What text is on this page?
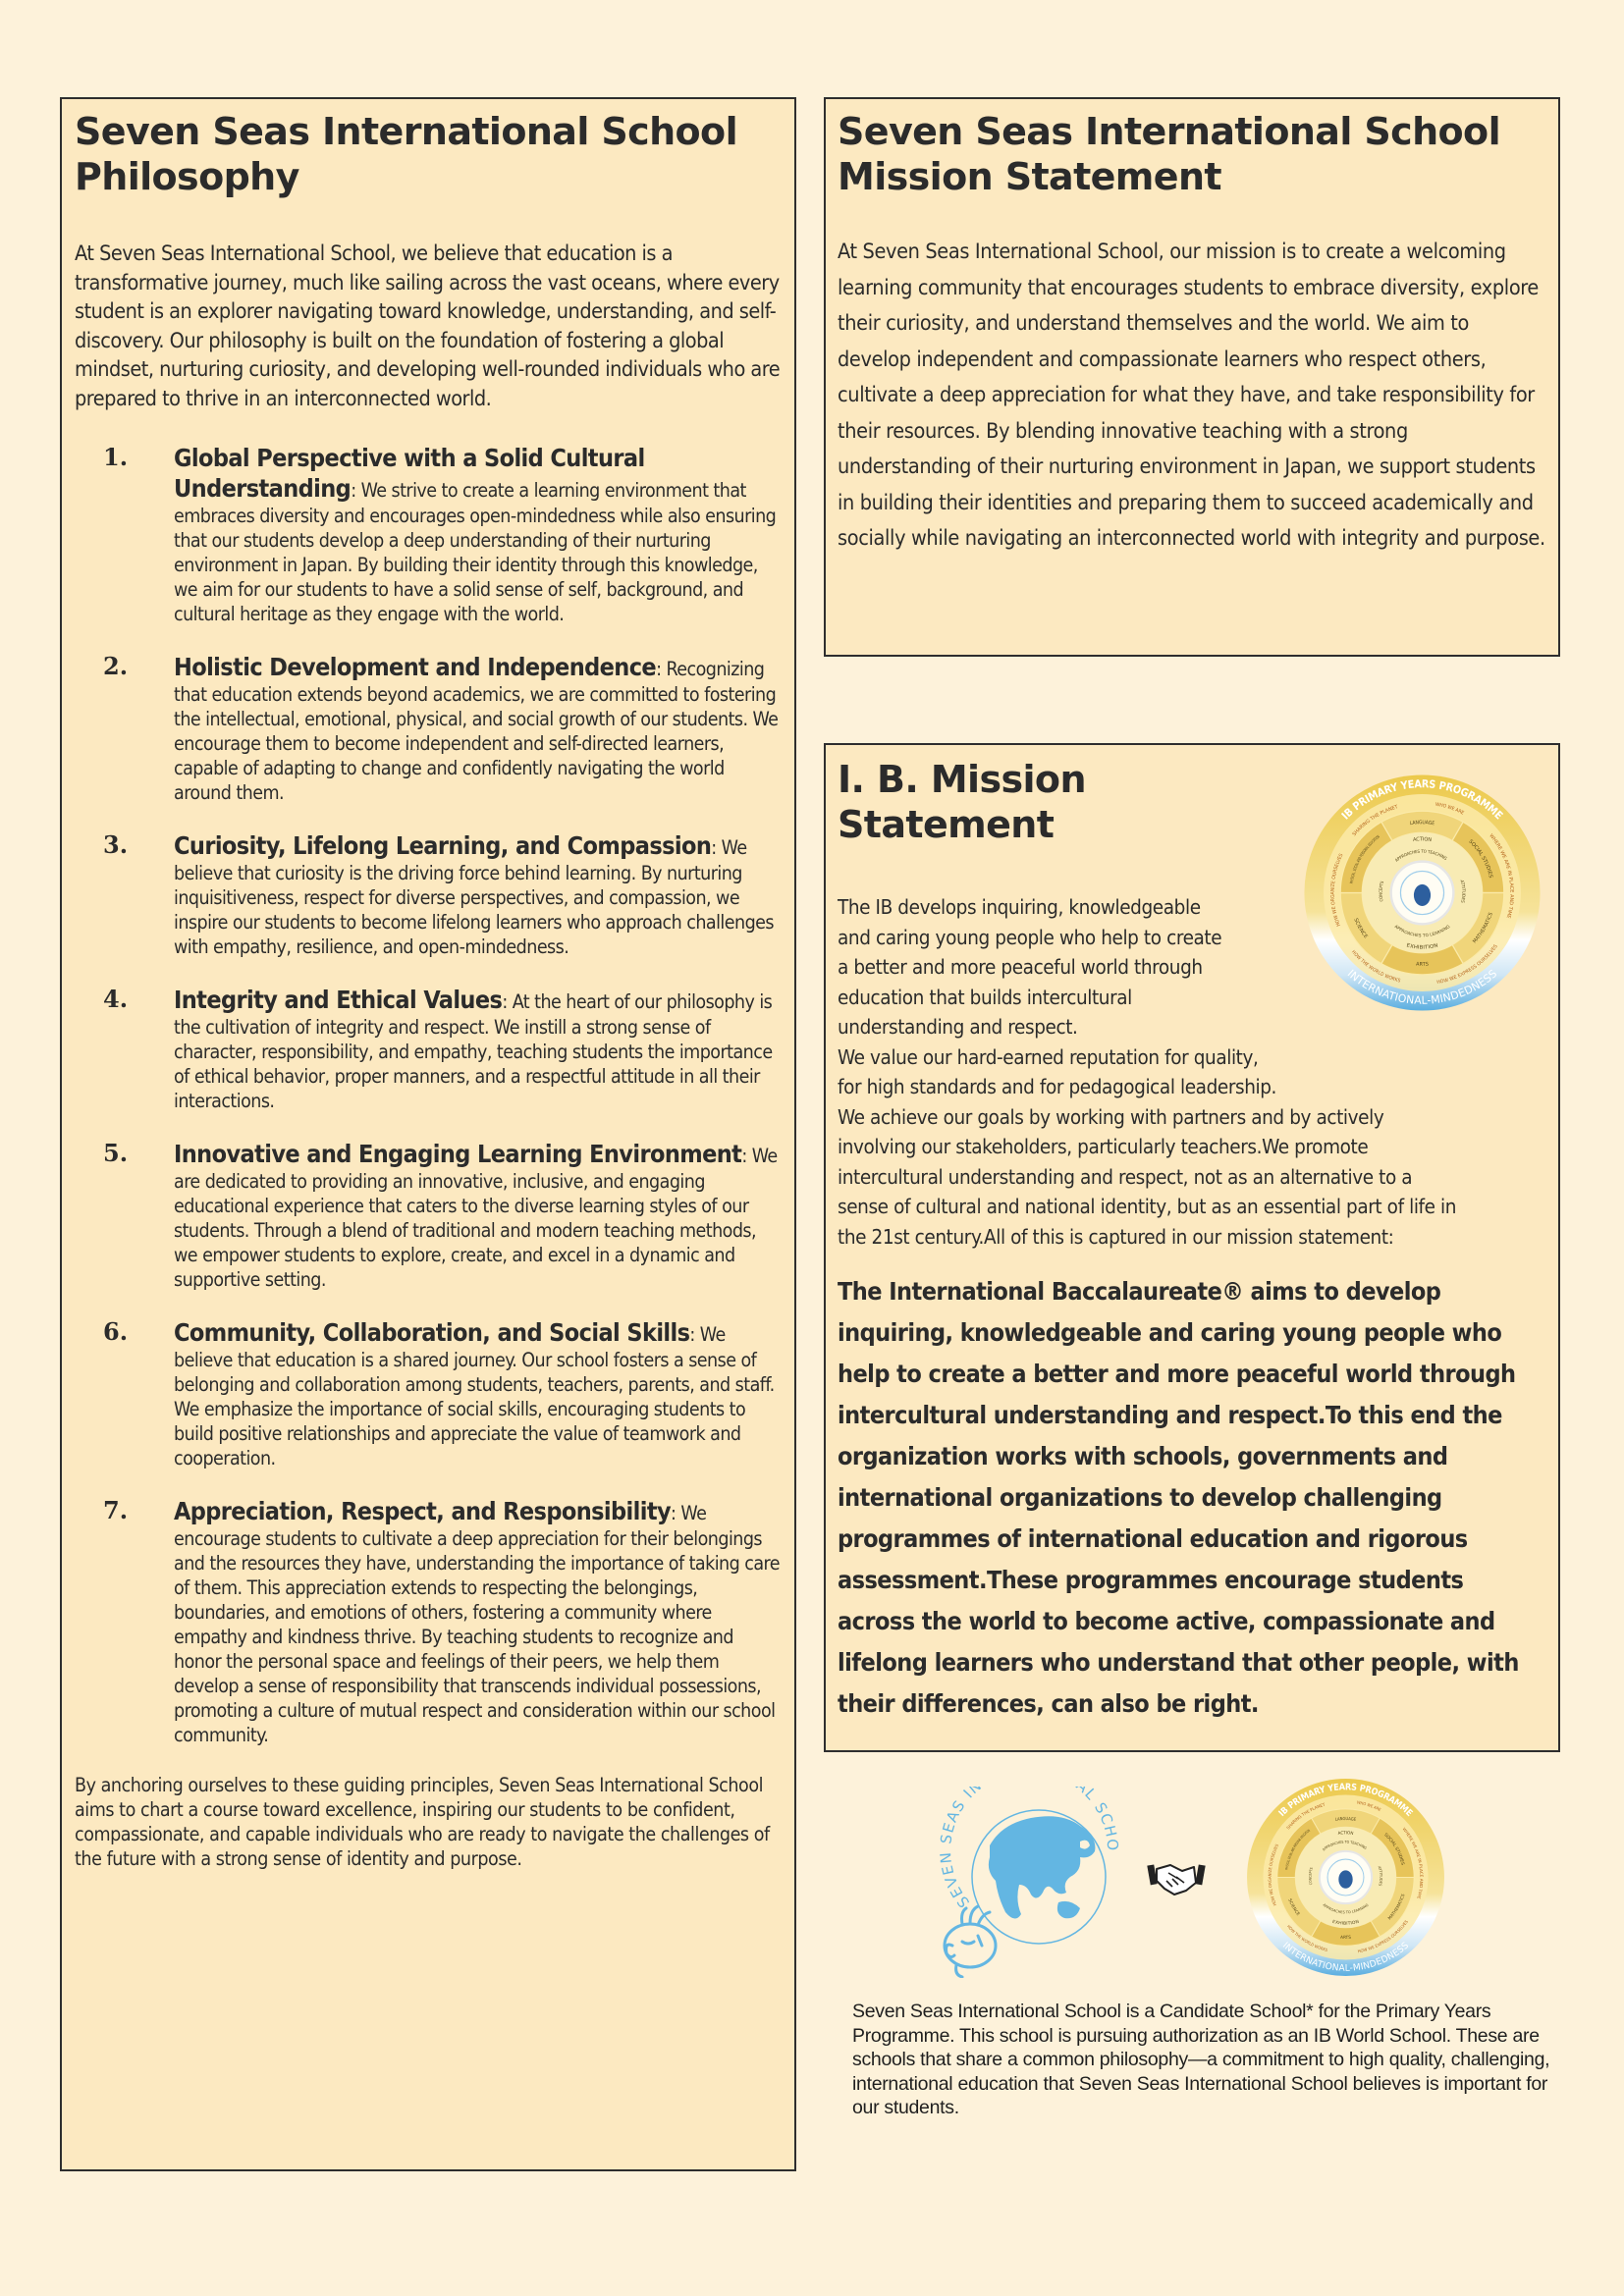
Seven Seas International School Philosophy

At Seven Seas International School, we believe that education is a transformative journey, much like sailing across the vast oceans, where every student is an explorer navigating toward knowledge, understanding, and self-discovery. Our philosophy is built on the foundation of fostering a global mindset, nurturing curiosity, and developing well-rounded individuals who are prepared to thrive in an interconnected world.

1.	Global Perspective with a Solid Cultural Understanding: We strive to create a learning environment that embraces diversity and encourages open-mindedness while also ensuring that our students develop a deep understanding of their nurturing environment in Japan. By building their identity through this knowledge, we aim for our students to have a solid sense of self, background, and cultural heritage as they engage with the world.

2.	Holistic Development and Independence: Recognizing that education extends beyond academics, we are committed to fostering the intellectual, emotional, physical, and social growth of our students. We encourage them to become independent and self-directed learners, capable of adapting to change and confidently navigating the world around them.

3.	Curiosity, Lifelong Learning, and Compassion: We believe that curiosity is the driving force behind learning. By nurturing inquisitiveness, respect for diverse perspectives, and compassion, we inspire our students to become lifelong learners who approach challenges with empathy, resilience, and open-mindedness.

4.	Integrity and Ethical Values: At the heart of our philosophy is the cultivation of integrity and respect. We instill a strong sense of character, responsibility, and empathy, teaching students the importance of ethical behavior, proper manners, and a respectful attitude in all their interactions.

5.	Innovative and Engaging Learning Environment: We are dedicated to providing an innovative, inclusive, and engaging educational experience that caters to the diverse learning styles of our students. Through a blend of traditional and modern teaching methods, we empower students to explore, create, and excel in a dynamic and supportive setting.

6.	Community, Collaboration, and Social Skills: We believe that education is a shared journey. Our school fosters a sense of belonging and collaboration among students, teachers, parents, and staff. We emphasize the importance of social skills, encouraging students to build positive relationships and appreciate the value of teamwork and cooperation.

7.	Appreciation, Respect, and Responsibility: We encourage students to cultivate a deep appreciation for their belongings and the resources they have, understanding the importance of taking care of them. This appreciation extends to respecting the belongings, boundaries, and emotions of others, fostering a community where empathy and kindness thrive. By teaching students to recognize and honor the personal space and feelings of their peers, we help them develop a sense of responsibility that transcends individual possessions, promoting a culture of mutual respect and consideration within our school community.

By anchoring ourselves to these guiding principles, Seven Seas International School aims to chart a course toward excellence, inspiring our students to be confident, compassionate, and capable individuals who are ready to navigate the challenges of the future with a strong sense of identity and purpose.

Seven Seas International School Mission Statement

At Seven Seas International School, our mission is to create a welcoming learning community that encourages students to embrace diversity, explore their curiosity, and understand themselves and the world. We aim to develop independent and compassionate learners who respect others, cultivate a deep appreciation for what they have, and take responsibility for their resources. By blending innovative teaching with a strong understanding of their nurturing environment in Japan, we support students in building their identities and preparing them to succeed academically and socially while navigating an interconnected world with integrity and purpose.

I. B. Mission Statement
The IB develops inquiring, knowledgeable
and caring young people who help to create
a better and more peaceful world through
education that builds intercultural
understanding and respect.
IB PRIMARY YEARS PROGRAMME
INTERNATIONAL-MINDEDNESS
SHARING THE PLANET	WHO WE ARE
WHERE WE ARE IN PLACE AND TIME
HOW WE EXPRESS OURSELVES
HOW THE WORLD WORKS
HOW WE ORGANIZE OURSELVES
LANGUAGE
SOCIAL STUDIES
MATHEMATICS
ARTS
SCIENCE
PHYSICAL, SOCIAL AND PERSONAL EDUCATION
ACTION
EXHIBITION
APPROACHES TO TEACHING
ATTITUDES
APPROACHES TO LEARNING
CONCEPTS
We value our hard-earned reputation for quality,
for high standards and for pedagogical leadership.
We achieve our goals by working with partners and by actively
involving our stakeholders, particularly teachers.We promote
intercultural understanding and respect, not as an alternative to a
sense of cultural and national identity, but as an essential part of life in
the 21st century.All of this is captured in our mission statement:

The International Baccalaureate® aims to develop inquiring, knowledgeable and caring young people who help to create a better and more peaceful world through intercultural understanding and respect.To this end the organization works with schools, governments and international organizations to develop challenging programmes of international education and rigorous assessment.These programmes encourage students across the world to become active, compassionate and lifelong learners who understand that other people, with their differences, can also be right.

SEVEN SEAS IN AL SCHO
IB PRIMARY YEARS PROGRAMME
INTERNATIONAL-MINDEDNESS
SHARING THE PLANET	WHO WE ARE
WHERE WE ARE IN PLACE AND TIME
HOW WE EXPRESS OURSELVES
HOW THE WORLD WORKS
HOW WE ORGANIZE OURSELVES
LANGUAGE
SOCIAL STUDIES
MATHEMATICS
ARTS
SCIENCE
PHYSICAL, SOCIAL AND PERSONAL EDUCATION
ACTION
EXHIBITION
APPROACHES TO TEACHING
ATTITUDES
APPROACHES TO LEARNING
CONCEPTS

Seven Seas International School is a Candidate School* for the Primary Years Programme. This school is pursuing authorization as an IB World School. These are schools that share a common philosophy—a commitment to high quality, challenging, international education that Seven Seas International School believes is important for our students.
